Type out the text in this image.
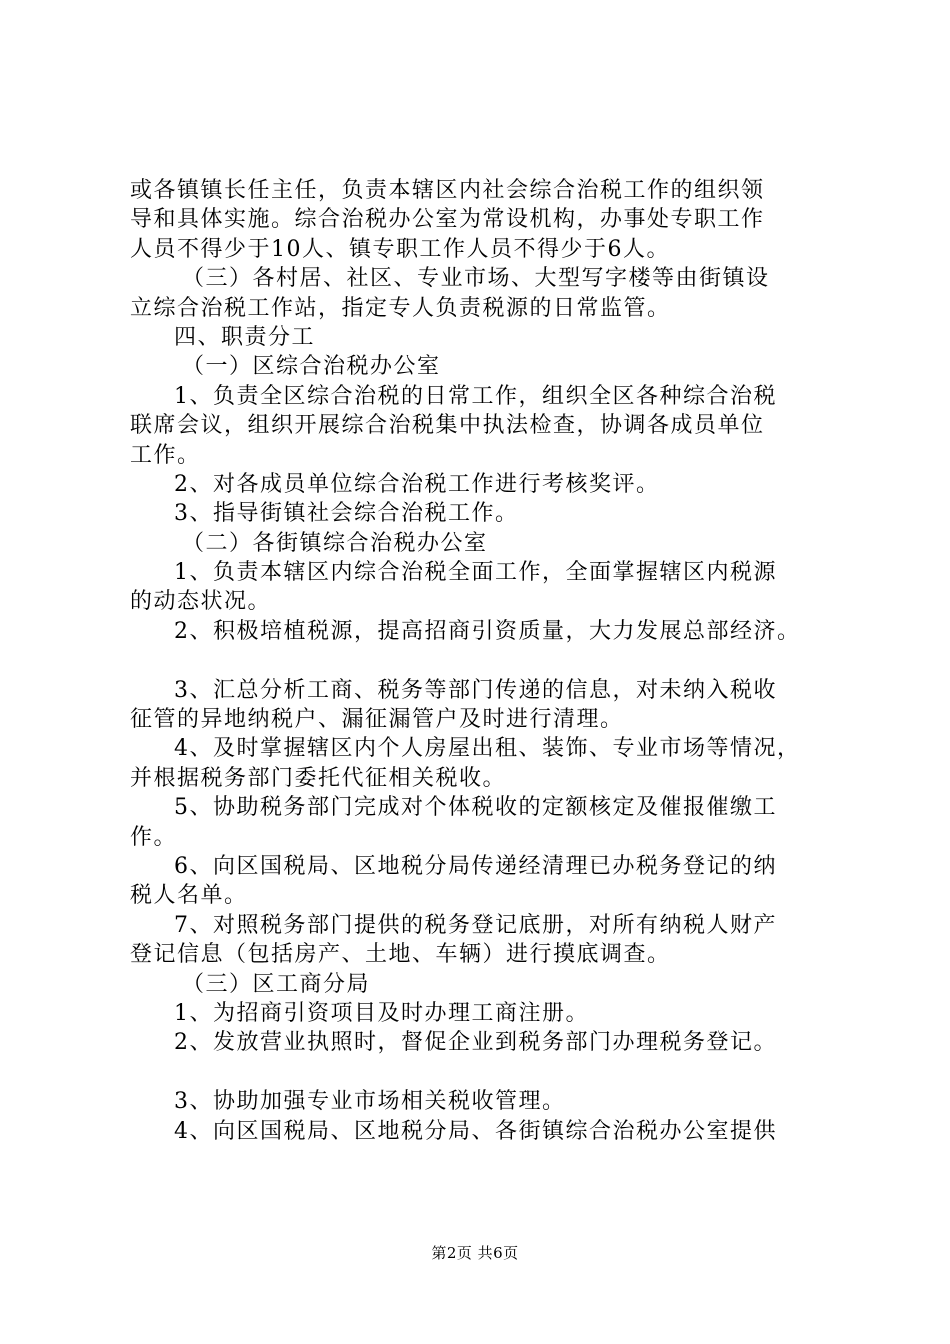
或各镇镇长任主任，负责本辖区内社会综合治税工作的组织领
导和具体实施。综合治税办公室为常设机构，办事处专职工作
人员不得少于10人、镇专职工作人员不得少于6人。
（三）各村居、社区、专业市场、大型写字楼等由街镇设
立综合治税工作站，指定专人负责税源的日常监管。
四、职责分工
（一）区综合治税办公室
1、负责全区综合治税的日常工作，组织全区各种综合治税
联席会议，组织开展综合治税集中执法检查，协调各成员单位
工作。
2、对各成员单位综合治税工作进行考核奖评。
3、指导街镇社会综合治税工作。
（二）各街镇综合治税办公室
1、负责本辖区内综合治税全面工作，全面掌握辖区内税源
的动态状况。
2、积极培植税源，提高招商引资质量，大力发展总部经济。
3、汇总分析工商、税务等部门传递的信息，对未纳入税收
征管的异地纳税户、漏征漏管户及时进行清理。
4、及时掌握辖区内个人房屋出租、装饰、专业市场等情况，
并根据税务部门委托代征相关税收。
5、协助税务部门完成对个体税收的定额核定及催报催缴工
作。
6、向区国税局、区地税分局传递经清理已办税务登记的纳
税人名单。
7、对照税务部门提供的税务登记底册，对所有纳税人财产
登记信息（包括房产、土地、车辆）进行摸底调查。
（三）区工商分局
1、为招商引资项目及时办理工商注册。
2、发放营业执照时，督促企业到税务部门办理税务登记。
3、协助加强专业市场相关税收管理。
4、向区国税局、区地税分局、各街镇综合治税办公室提供
第2页 共6页
